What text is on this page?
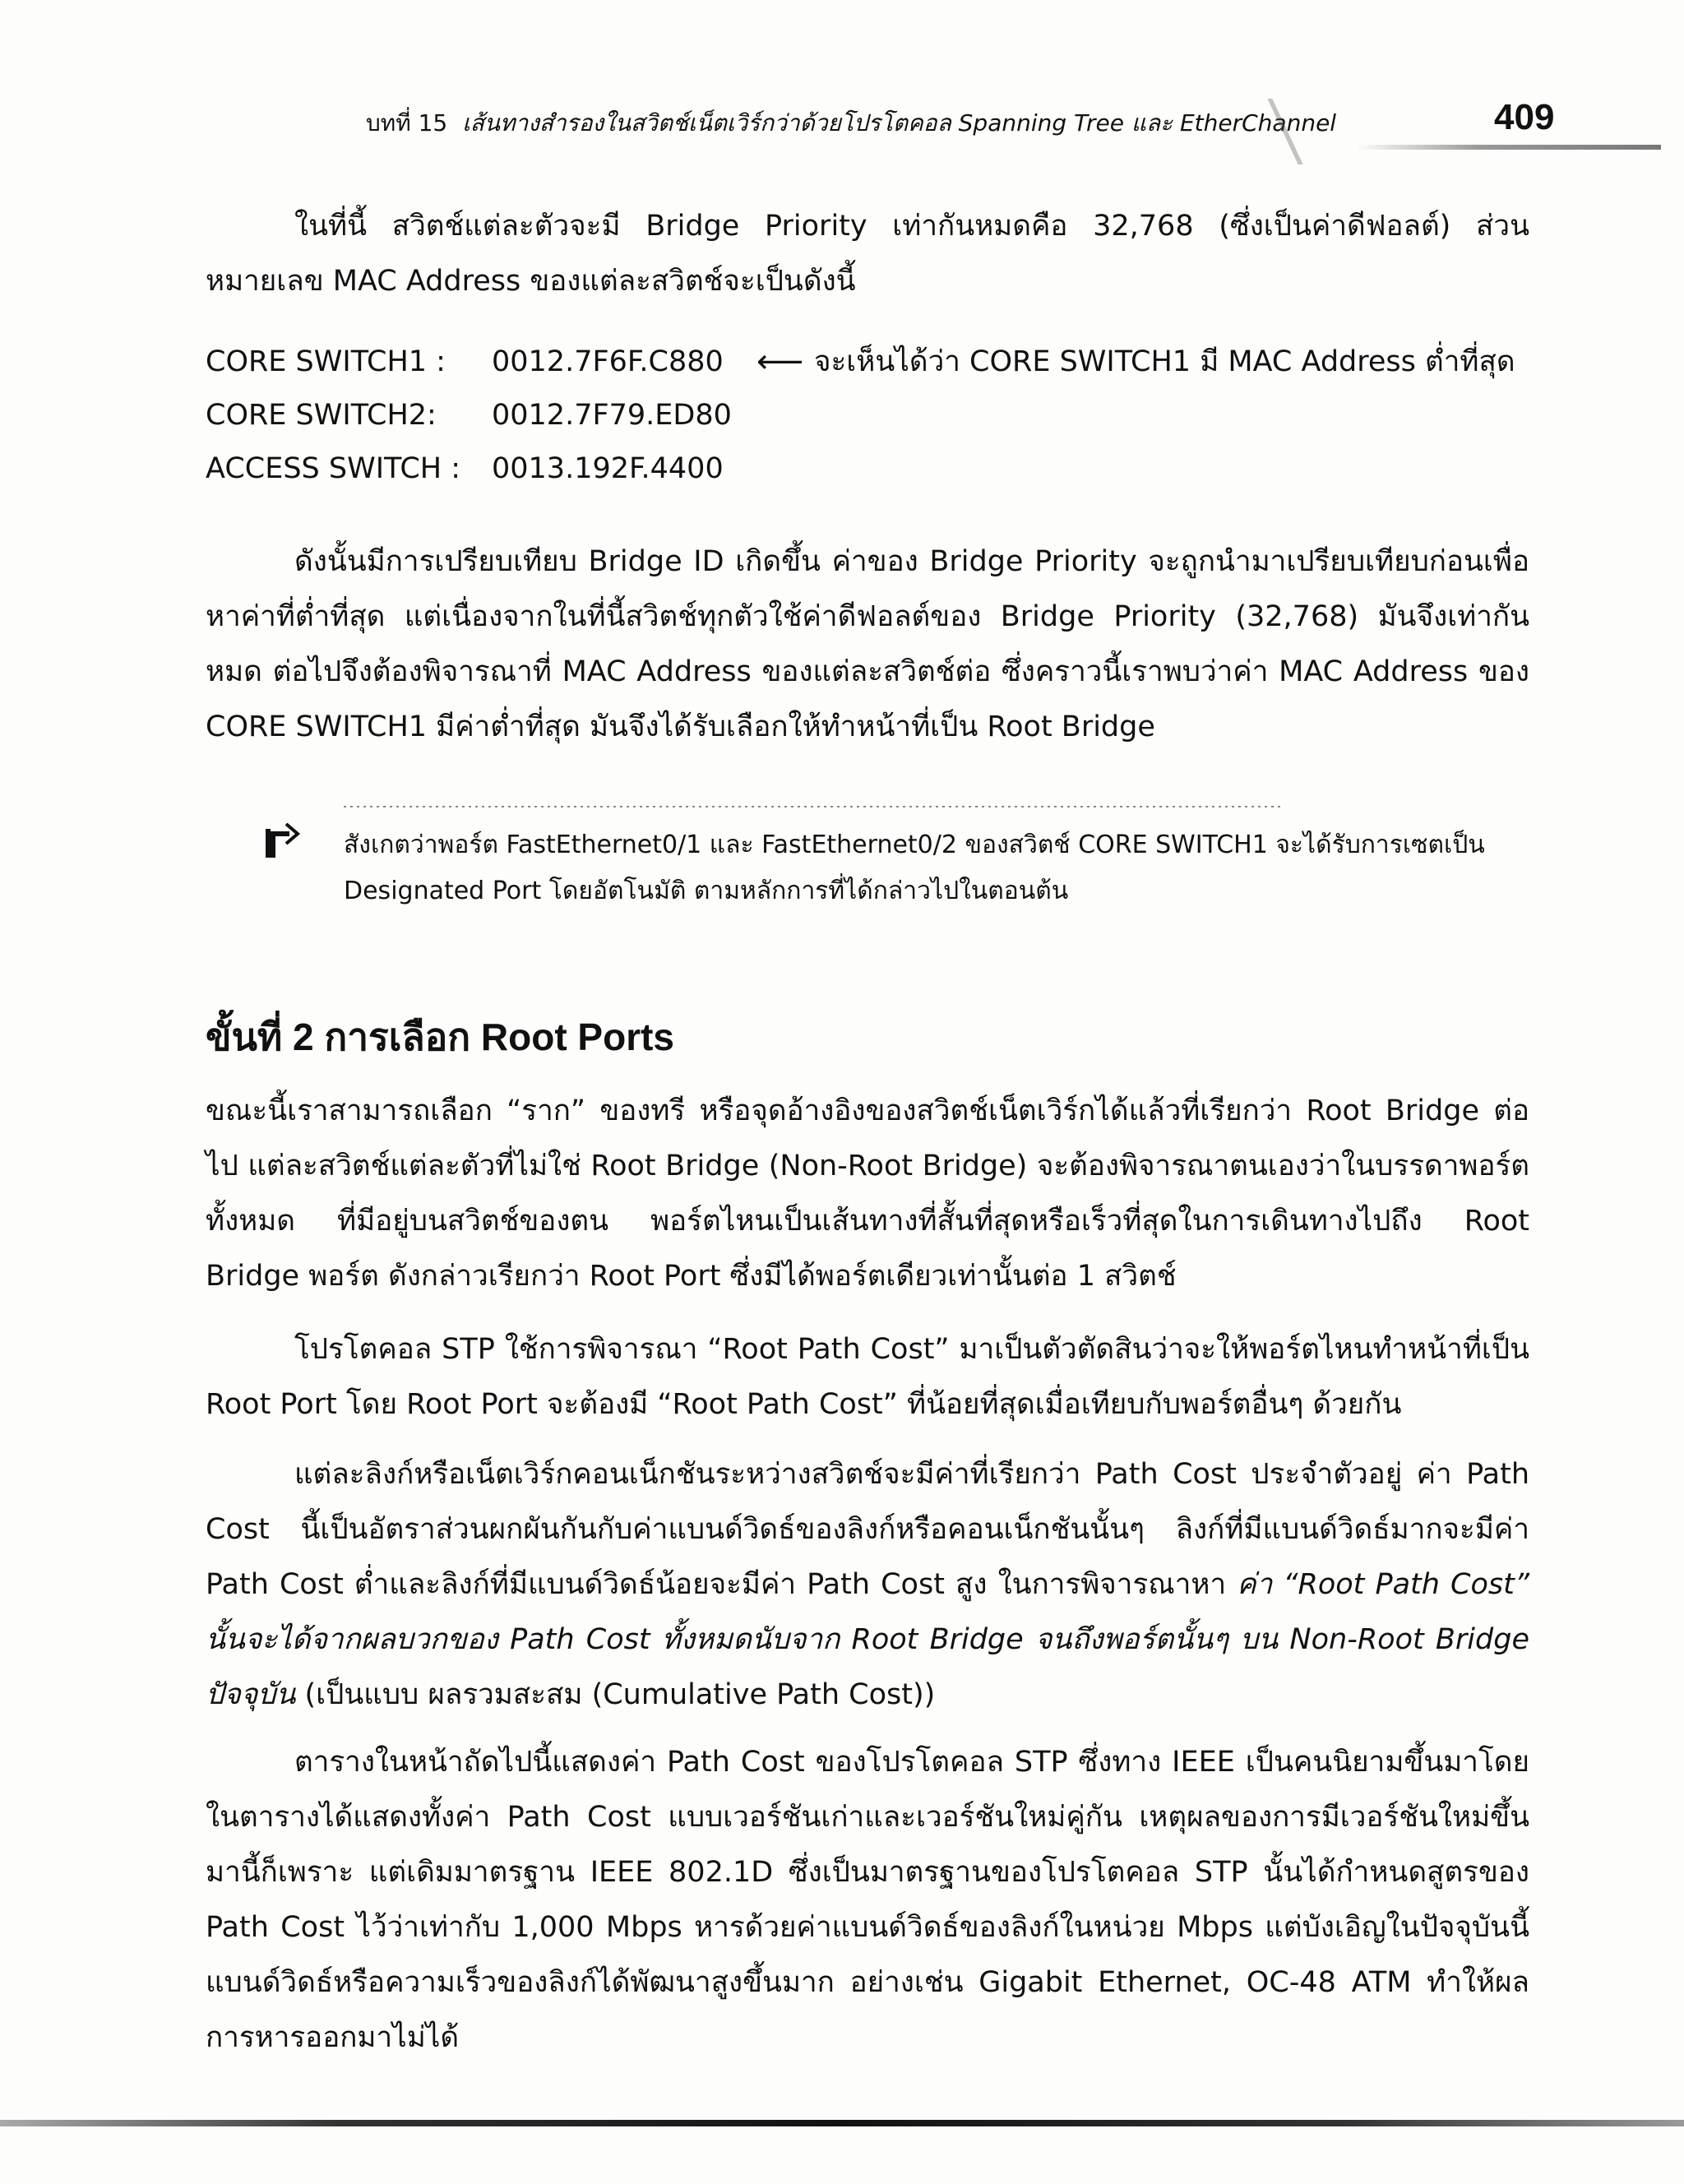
บทที่ 15 เส้นทางสำรองในสวิตช์เน็ตเวิร์กว่าด้วยโปรโตคอล Spanning Tree และ EtherChannel	409
ในที่นี้ สวิตช์แต่ละตัวจะมี Bridge Priority เท่ากันหมดคือ 32,768 (ซึ่งเป็นค่าดีฟอลต์) ส่วนหมายเลข MAC Address ของแต่ละสวิตช์จะเป็นดังนี้
CORE SWITCH1 : 0012.7F6F.C880 ⟵ จะเห็นได้ว่า CORE SWITCH1 มี MAC Address ต่ำที่สุด
CORE SWITCH2: 0012.7F79.ED80
ACCESS SWITCH : 0013.192F.4400
ดังนั้นมีการเปรียบเทียบ Bridge ID เกิดขึ้น ค่าของ Bridge Priority จะถูกนำมาเปรียบเทียบก่อนเพื่อหาค่าที่ต่ำที่สุด แต่เนื่องจากในที่นี้สวิตช์ทุกตัวใช้ค่าดีฟอลต์ของ Bridge Priority (32,768) มันจึงเท่ากันหมด ต่อไปจึงต้องพิจารณาที่ MAC Address ของแต่ละสวิตช์ต่อ ซึ่งคราวนี้เราพบว่าค่า MAC Address ของ CORE SWITCH1 มีค่าต่ำที่สุด มันจึงได้รับเลือกให้ทำหน้าที่เป็น Root Bridge
สังเกตว่าพอร์ต FastEthernet0/1 และ FastEthernet0/2 ของสวิตช์ CORE SWITCH1 จะได้รับการเซตเป็น
Designated Port โดยอัตโนมัติ ตามหลักการที่ได้กล่าวไปในตอนต้น
ขั้นที่ 2 การเลือก Root Ports
ขณะนี้เราสามารถเลือก “ราก” ของทรี หรือจุดอ้างอิงของสวิตช์เน็ตเวิร์กได้แล้วที่เรียกว่า Root Bridge ต่อไป แต่ละสวิตช์แต่ละตัวที่ไม่ใช่ Root Bridge (Non-Root Bridge) จะต้องพิจารณาตนเองว่าในบรรดาพอร์ตทั้งหมด ที่มีอยู่บนสวิตช์ของตน พอร์ตไหนเป็นเส้นทางที่สั้นที่สุดหรือเร็วที่สุดในการเดินทางไปถึง Root Bridge พอร์ต ดังกล่าวเรียกว่า Root Port ซึ่งมีได้พอร์ตเดียวเท่านั้นต่อ 1 สวิตช์
โปรโตคอล STP ใช้การพิจารณา “Root Path Cost” มาเป็นตัวตัดสินว่าจะให้พอร์ตไหนทำหน้าที่เป็น Root Port โดย Root Port จะต้องมี “Root Path Cost” ที่น้อยที่สุดเมื่อเทียบกับพอร์ตอื่นๆ ด้วยกัน
แต่ละลิงก์หรือเน็ตเวิร์กคอนเน็กชันระหว่างสวิตช์จะมีค่าที่เรียกว่า Path Cost ประจำตัวอยู่ ค่า Path Cost นี้เป็นอัตราส่วนผกผันกันกับค่าแบนด์วิดธ์ของลิงก์หรือคอนเน็กชันนั้นๆ ลิงก์ที่มีแบนด์วิดธ์มากจะมีค่า Path Cost ต่ำและลิงก์ที่มีแบนด์วิดธ์น้อยจะมีค่า Path Cost สูง ในการพิจารณาหา ค่า “Root Path Cost” นั้นจะได้จากผลบวกของ Path Cost ทั้งหมดนับจาก Root Bridge จนถึงพอร์ตนั้นๆ บน Non-Root Bridge ปัจจุบัน (เป็นแบบ ผลรวมสะสม (Cumulative Path Cost))
ตารางในหน้าถัดไปนี้แสดงค่า Path Cost ของโปรโตคอล STP ซึ่งทาง IEEE เป็นคนนิยามขึ้นมาโดยในตารางได้แสดงทั้งค่า Path Cost แบบเวอร์ชันเก่าและเวอร์ชันใหม่คู่กัน เหตุผลของการมีเวอร์ชันใหม่ขึ้นมานี้ก็เพราะ แต่เดิมมาตรฐาน IEEE 802.1D ซึ่งเป็นมาตรฐานของโปรโตคอล STP นั้นได้กำหนดสูตรของ Path Cost ไว้ว่าเท่ากับ 1,000 Mbps หารด้วยค่าแบนด์วิดธ์ของลิงก์ในหน่วย Mbps แต่บังเอิญในปัจจุบันนี้แบนด์วิดธ์หรือความเร็วของลิงก์ได้พัฒนาสูงขึ้นมาก อย่างเช่น Gigabit Ethernet, OC-48 ATM ทำให้ผลการหารออกมาไม่ได้
